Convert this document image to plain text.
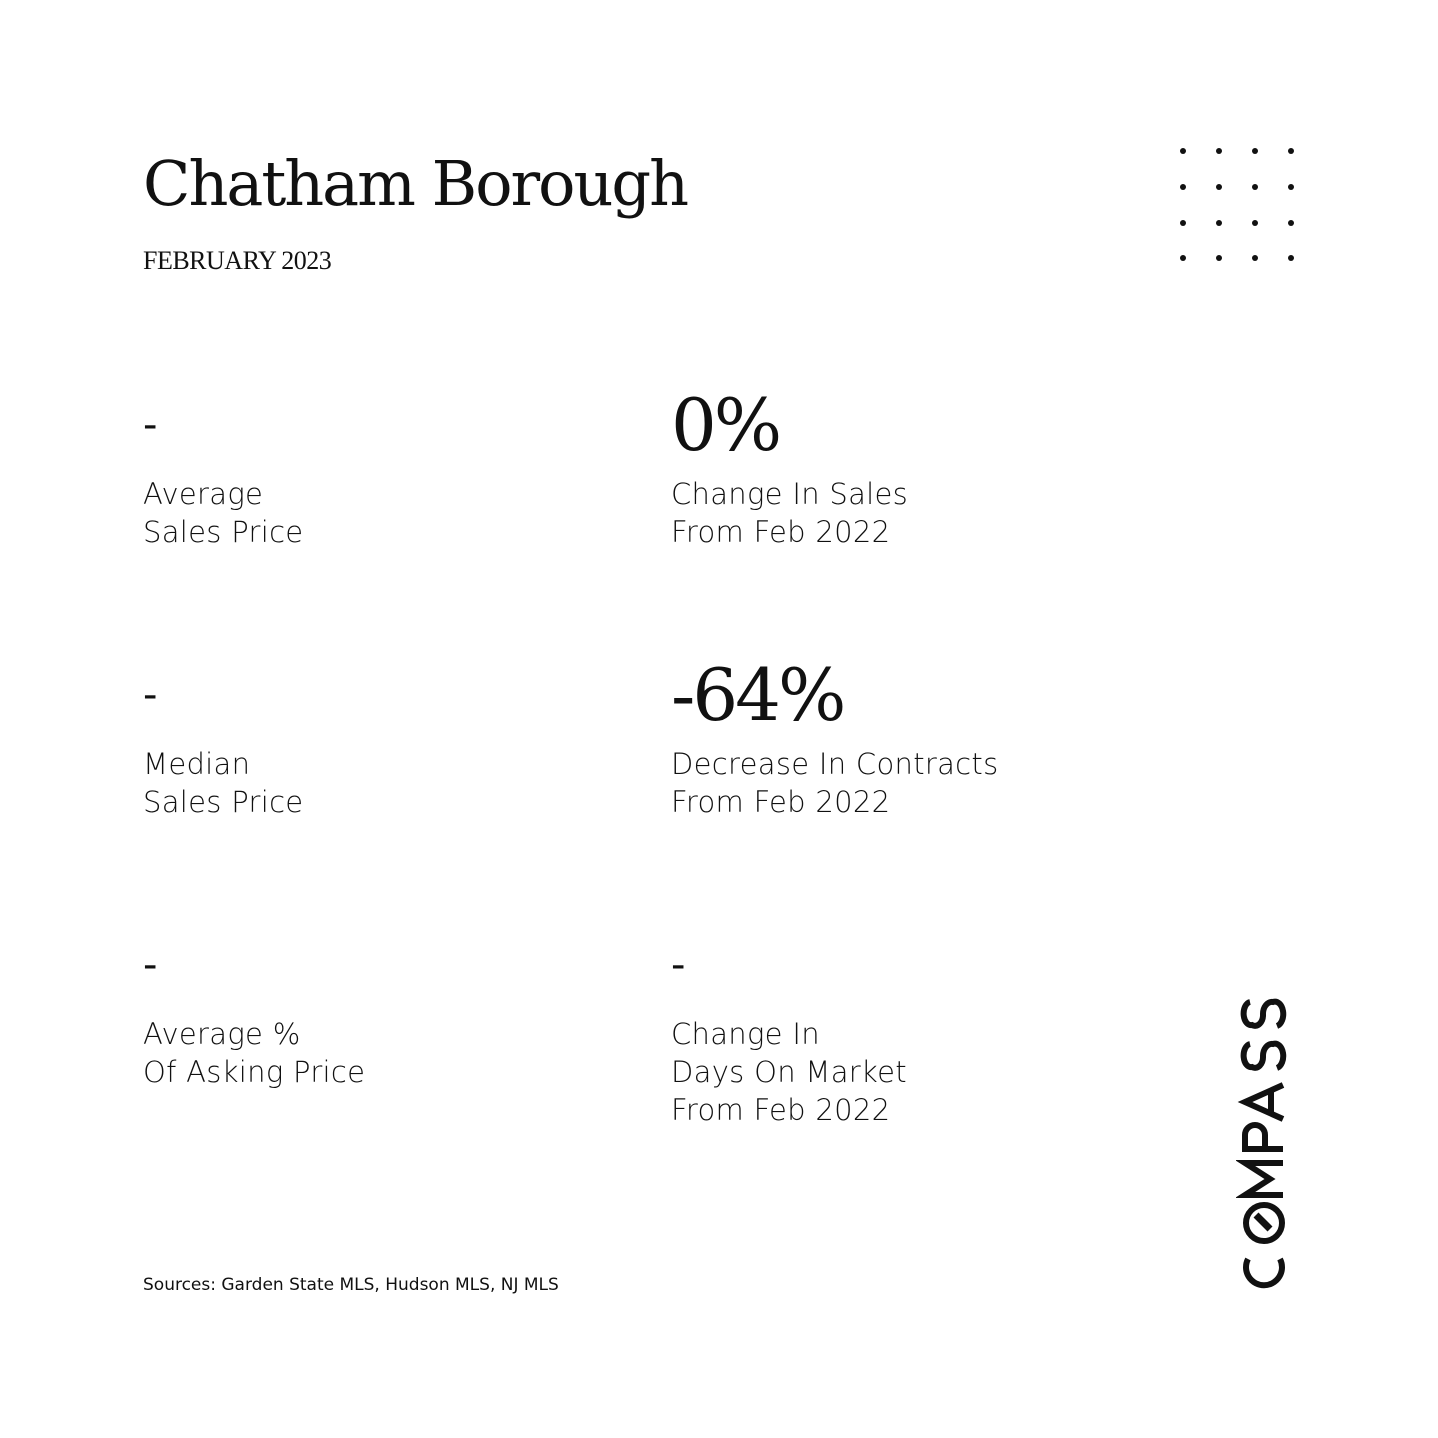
Chatham Borough
FEBRUARY 2023
-
Average
Sales Price
0%
Change In Sales
From Feb 2022
-
Median
Sales Price
-64%
Decrease In Contracts
From Feb 2022
-
Average %
Of Asking Price
-
Change In
Days On Market
From Feb 2022
Sources: Garden State MLS, Hudson MLS, NJ MLS
